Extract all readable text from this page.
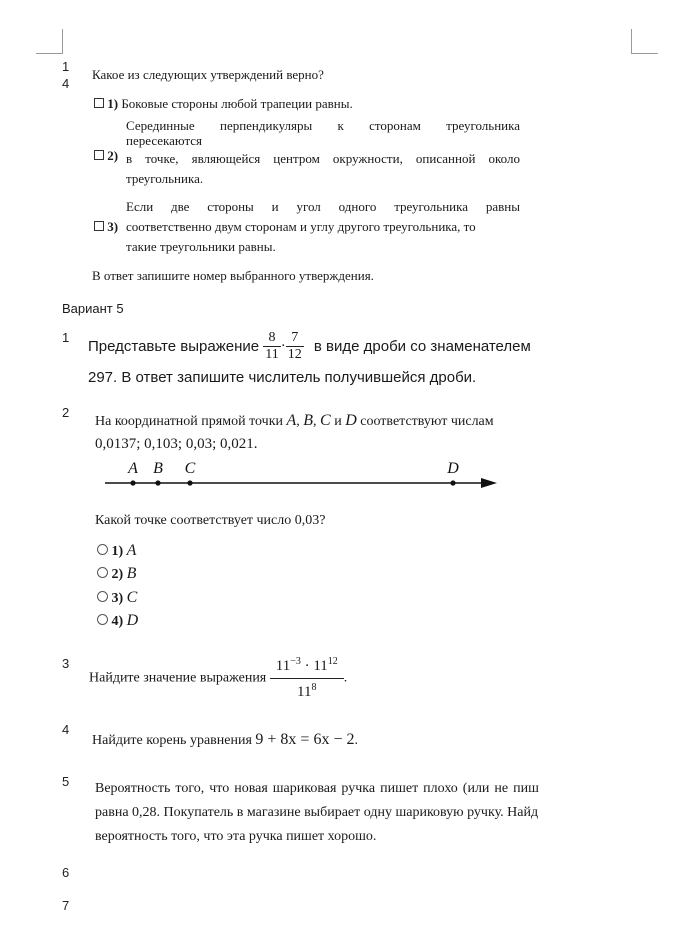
1
4
Какое из следующих утверждений верно?
1) Боковые стороны любой трапеции равны.
2)
Серединные перпендикуляры к сторонам треугольника
пересекаются
в точке, являющейся центром окружности, описанной около
треугольника.
3)
Если две стороны и угол одного треугольника равны
соответственно двум сторонам и углу другого треугольника, то
такие треугольники равны.
В ответ запишите номер выбранного утверждения.
Вариант 5
1
Представьте выражение $\frac{8}{11} \cdot \frac{7}{12}$ в виде дроби со знаменателем
297. В ответ запишите числитель получившейся дроби.
2
На координатной прямой точки A, B, C и D соответствуют числам
0,0137; 0,103; 0,03; 0,021.
A B C	D
Какой точке соответствует число 0,03?
1) A
2) B
3) C
4) D
3
Найдите значение выражения $\frac{11^{-3} \cdot 11^{12}}{11^8}$ .
4
Найдите корень уравнения 9 + 8x = 6x − 2.
5 Вероятность того, что новая шариковая ручка пишет плохо (или не пиш
равна 0,28. Покупатель в магазине выбирает одну шариковую ручку. Найд
вероятность того, что эта ручка пишет хорошо.
6
7
